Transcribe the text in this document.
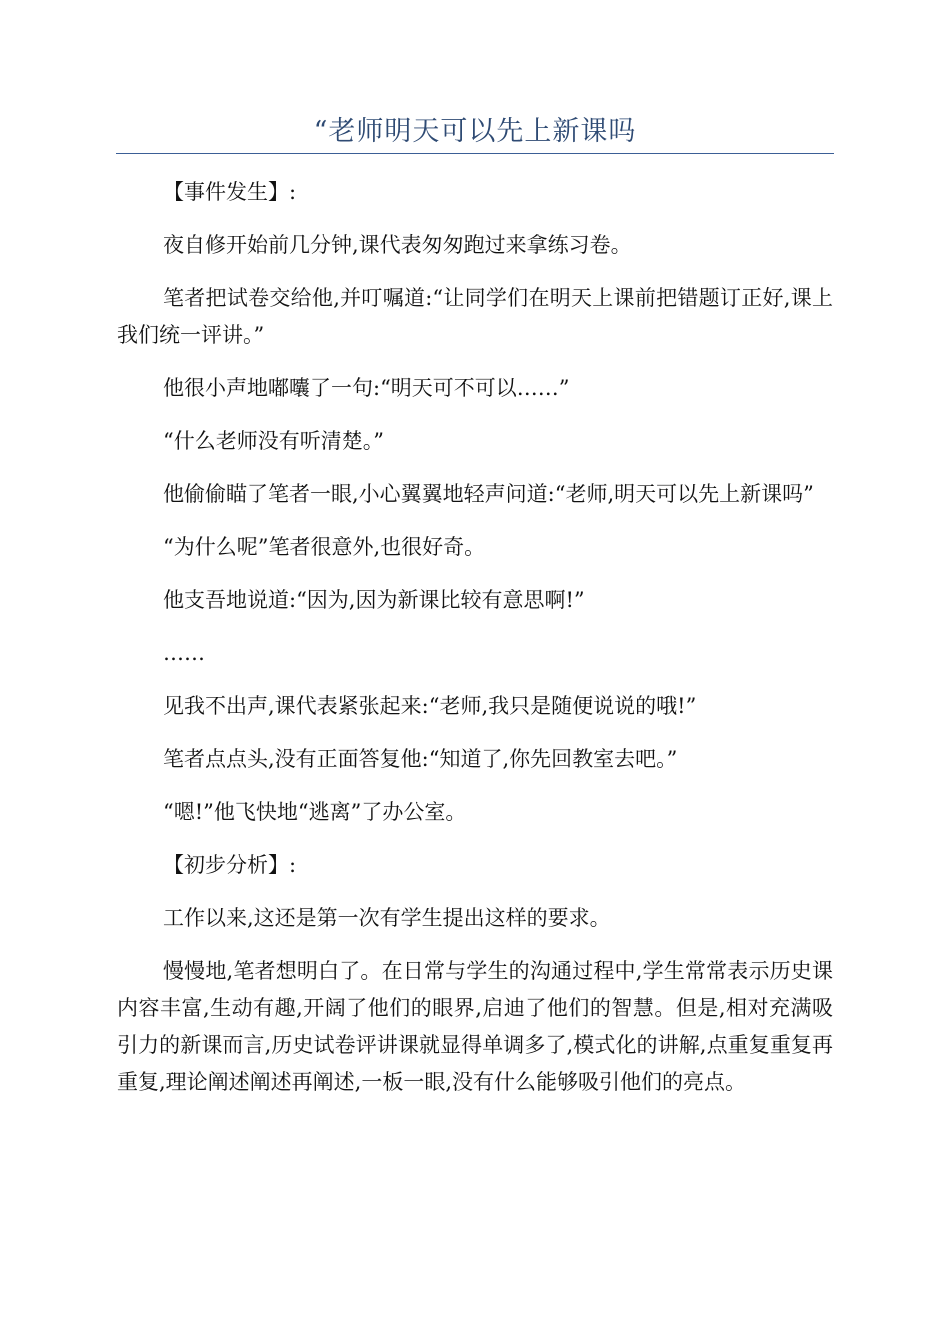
“老师明天可以先上新课吗

【事件发生】:

夜自修开始前几分钟,课代表匆匆跑过来拿练习卷。

笔者把试卷交给他,并叮嘱道:“让同学们在明天上课前把错题订正好,课上我们统一评讲。”

他很小声地嘟囔了一句:“明天可不可以……”

“什么老师没有听清楚。”

他偷偷瞄了笔者一眼,小心翼翼地轻声问道:“老师,明天可以先上新课吗”

“为什么呢”笔者很意外,也很好奇。

他支吾地说道:“因为,因为新课比较有意思啊!”

……

见我不出声,课代表紧张起来:“老师,我只是随便说说的哦!”

笔者点点头,没有正面答复他:“知道了,你先回教室去吧。”

“嗯!”他飞快地“逃离”了办公室。

【初步分析】:

工作以来,这还是第一次有学生提出这样的要求。

慢慢地,笔者想明白了。在日常与学生的沟通过程中,学生常常表示历史课内容丰富,生动有趣,开阔了他们的眼界,启迪了他们的智慧。但是,相对充满吸引力的新课而言,历史试卷评讲课就显得单调多了,模式化的讲解,点重复重复再重复,理论阐述阐述再阐述,一板一眼,没有什么能够吸引他们的亮点。
